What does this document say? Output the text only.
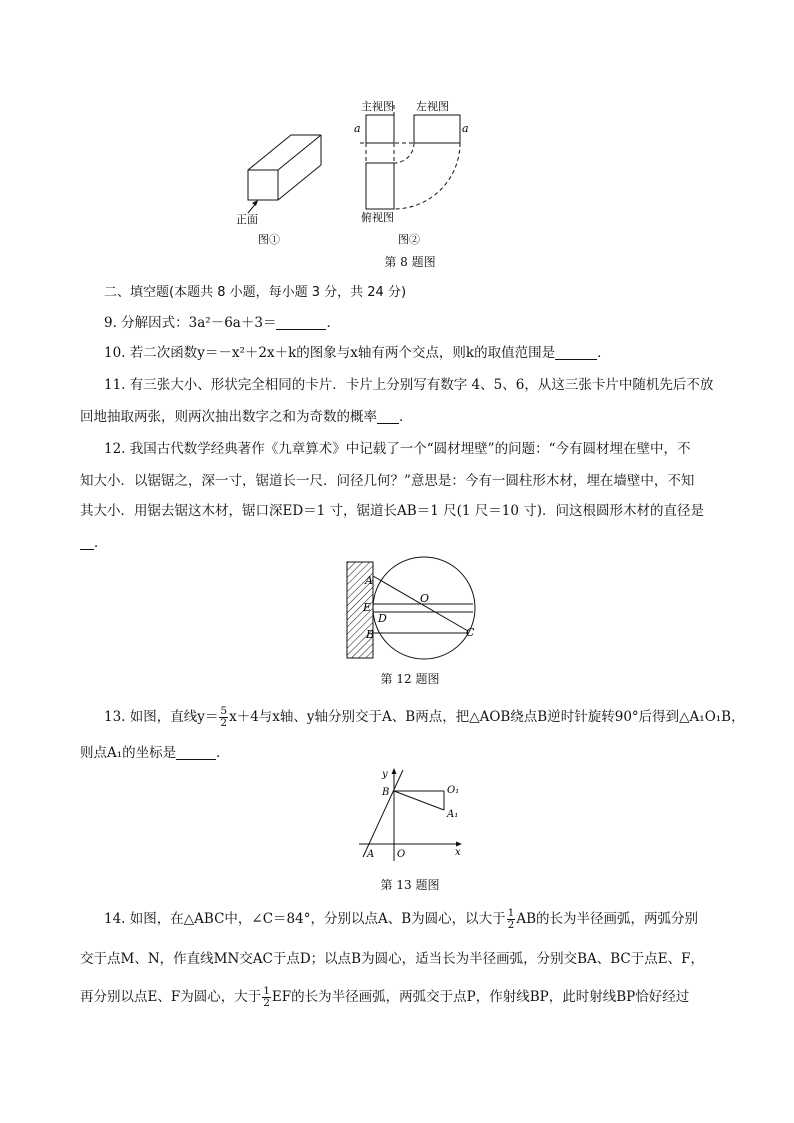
正面
图①
主视图 左视图
俯视图
a	a
图②
第 8 题图
二、填空题(本题共 8 小题，每小题 3 分，共 24 分)
9. 分解因式：3a²－6a＋3＝	．
10. 若二次函数y＝－x²＋2x＋k的图象与x轴有两个交点，则k的取值范围是	．
11. 有三张大小、形状完全相同的卡片．卡片上分别写有数字 4、5、6，从这三张卡片中随机先后不放
回地抽取两张，则两次抽出数字之和为奇数的概率 ．
12. 我国古代数学经典著作《九章算术》中记载了一个“圆材埋壁”的问题：“今有圆材埋在壁中，不
知大小．以锯锯之，深一寸，锯道长一尺．问径几何？”意思是：今有一圆柱形木材，埋在墙壁中，不知
其大小．用锯去锯这木材，锯口深ED＝1 寸，锯道长AB＝1 尺(1 尺＝10 寸)．问这根圆形木材的直径是
．
A
E
D
B
O
C
第 12 题图
13. 如图，直线$y= \frac{5}{2} x+4$与x轴、y轴分别交于A、B两点，把△AOB绕点B逆时针旋转90°后得到△A₁O₁B，
则点A₁的坐标是	．
y
x
B	O₁
A₁
A O
第 13 题图
14. 如图，在△ABC中，∠C＝84°，分别以点A、B为圆心，以大于 $\frac{1}{2}$ AB的长为半径画弧，两弧分别
交于点M、N，作直线MN交AC于点D；以点B为圆心，适当长为半径画弧，分别交BA、BC于点E、F，
再分别以点E、F为圆心，大于 $\frac{1}{2}$ EF的长为半径画弧，两弧交于点P，作射线BP，此时射线BP恰好经过
